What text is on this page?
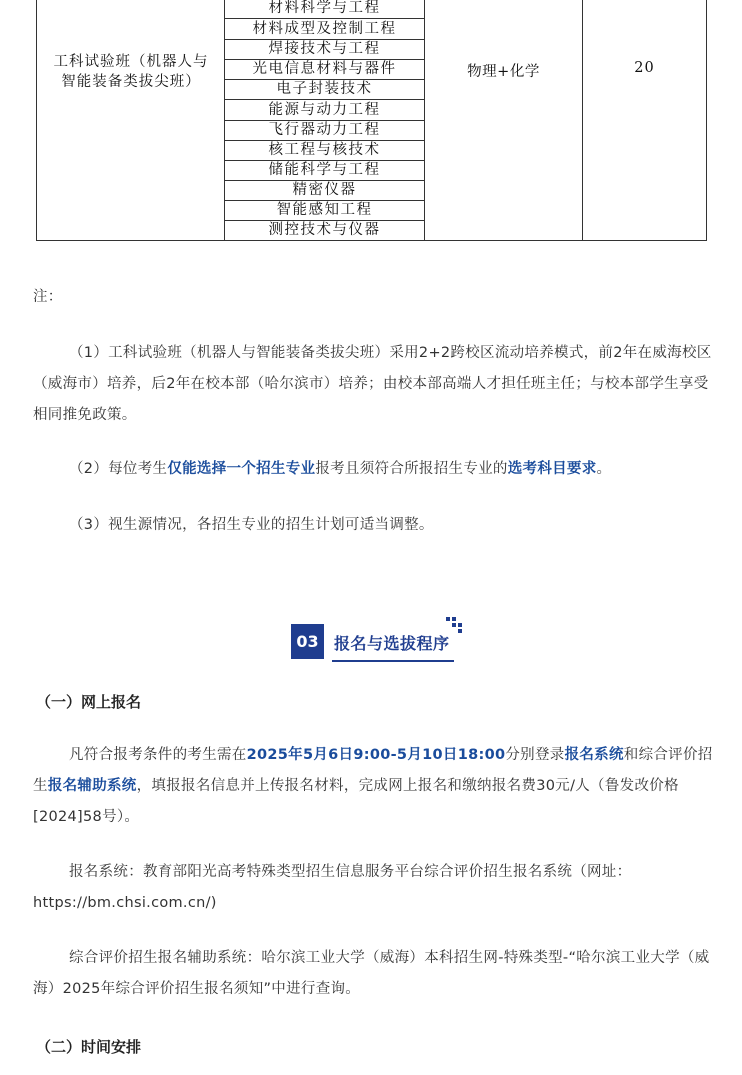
工科试验班（机器人与
智能装备类拔尖班）
材料科学与工程
材料成型及控制工程
焊接技术与工程
光电信息材料与器件
电子封装技术
能源与动力工程
飞行器动力工程
核工程与核技术
储能科学与工程
精密仪器
智能感知工程
测控技术与仪器
物理+化学	20
注：
（1）工科试验班（机器人与智能装备类拔尖班）采用2+2跨校区流动培养模式，前2年在威海校区（威海市）培养，后2年在校本部（哈尔滨市）培养；由校本部高端人才担任班主任；与校本部学生享受相同推免政策。
（2）每位考生仅能选择一个招生专业报考且须符合所报招生专业的选考科目要求。
（3）视生源情况，各招生专业的招生计划可适当调整。
03 报名与选拔程序
（一）网上报名
凡符合报考条件的考生需在2025年5月6日9:00-5月10日18:00分别登录报名系统和综合评价招生报名辅助系统，填报报名信息并上传报名材料，完成网上报名和缴纳报名费30元/人（鲁发改价格[2024]58号）。
报名系统：教育部阳光高考特殊类型招生信息服务平台综合评价招生报名系统（网址：https://bm.chsi.com.cn/)
综合评价招生报名辅助系统：哈尔滨工业大学（威海）本科招生网-特殊类型-“哈尔滨工业大学（威海）2025年综合评价招生报名须知”中进行查询。
（二）时间安排
